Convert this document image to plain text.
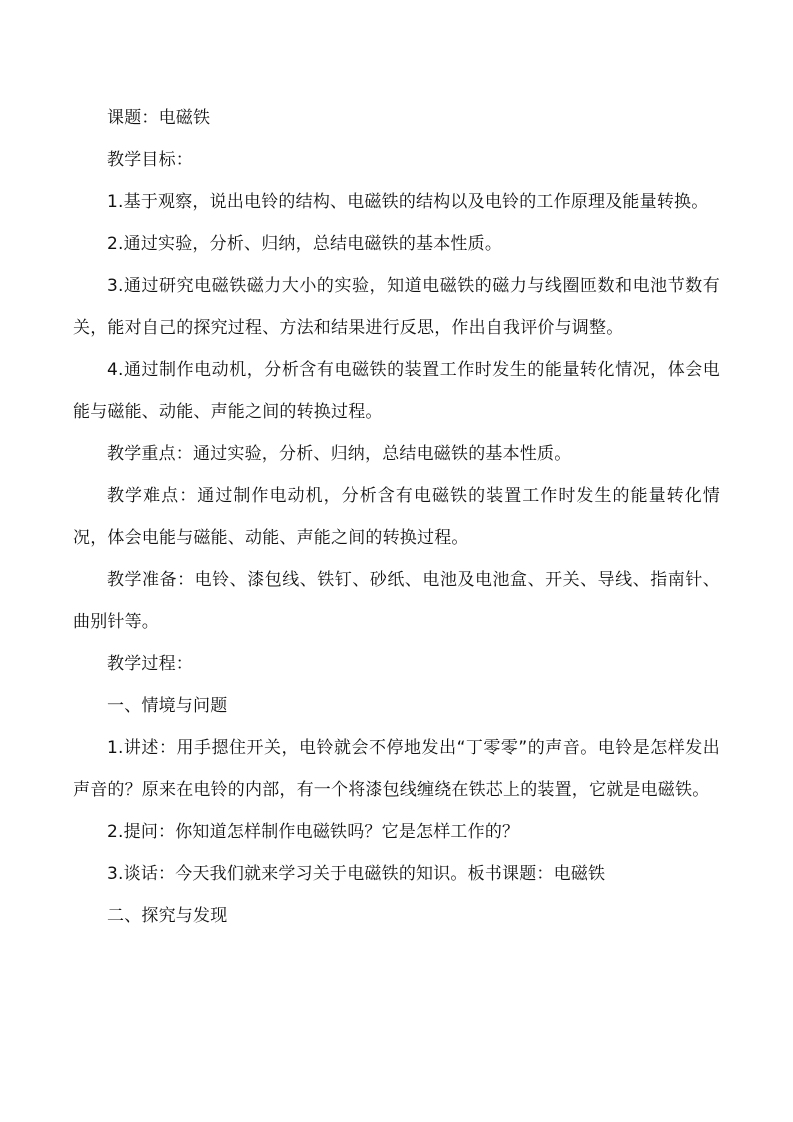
课题：电磁铁

教学目标：

1.基于观察，说出电铃的结构、电磁铁的结构以及电铃的工作原理及能量转换。

2.通过实验，分析、归纳，总结电磁铁的基本性质。

3.通过研究电磁铁磁力大小的实验，知道电磁铁的磁力与线圈匝数和电池节数有关，能对自己的探究过程、方法和结果进行反思，作出自我评价与调整。

4.通过制作电动机，分析含有电磁铁的装置工作时发生的能量转化情况，体会电能与磁能、动能、声能之间的转换过程。

教学重点：通过实验，分析、归纳，总结电磁铁的基本性质。

教学难点：通过制作电动机，分析含有电磁铁的装置工作时发生的能量转化情况，体会电能与磁能、动能、声能之间的转换过程。

教学准备：电铃、漆包线、铁钉、砂纸、电池及电池盒、开关、导线、指南针、曲别针等。

教学过程：

一、情境与问题

1.讲述：用手摁住开关，电铃就会不停地发出“丁零零”的声音。电铃是怎样发出声音的？原来在电铃的内部，有一个将漆包线缠绕在铁芯上的装置，它就是电磁铁。

2.提问：你知道怎样制作电磁铁吗？它是怎样工作的？

3.谈话：今天我们就来学习关于电磁铁的知识。板书课题：电磁铁

二、探究与发现
